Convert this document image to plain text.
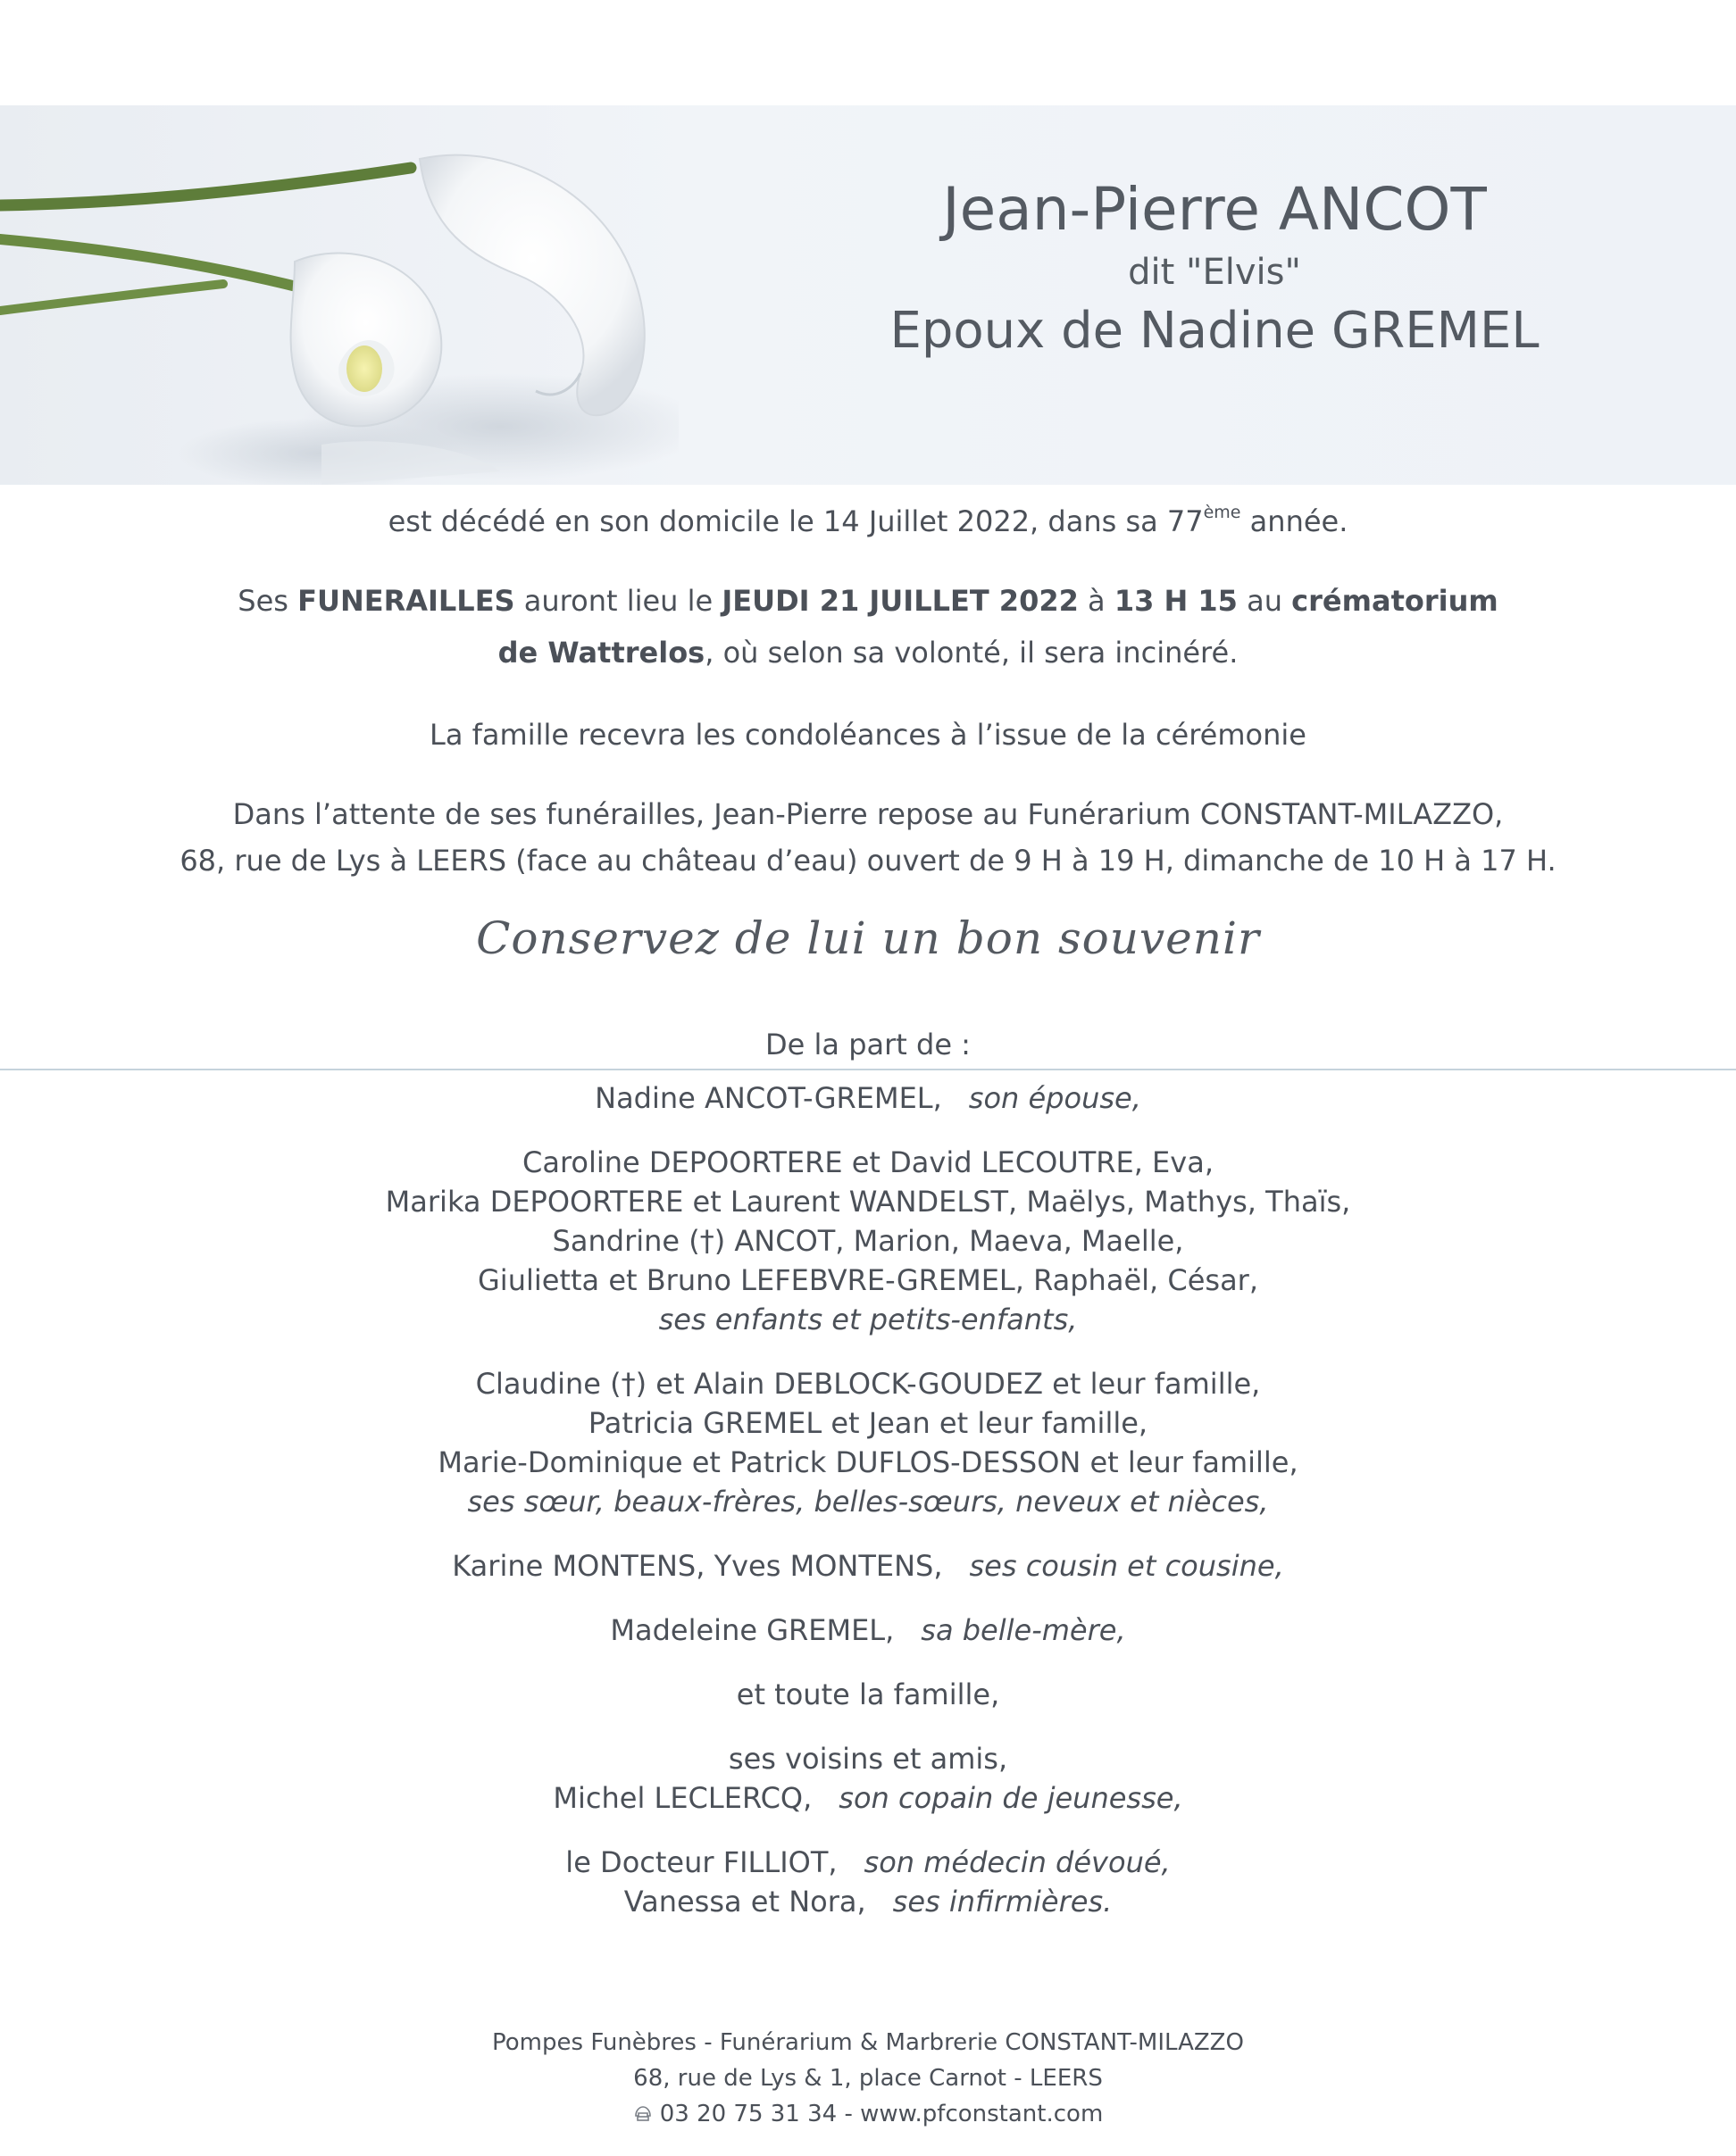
Jean-Pierre ANCOT
dit "Elvis"
Epoux de Nadine GREMEL
est décédé en son domicile le 14 Juillet 2022, dans sa 77ème année.
Ses FUNERAILLES auront lieu le JEUDI 21 JUILLET 2022 à 13 H 15 au crématorium
de Wattrelos, où selon sa volonté, il sera incinéré.
La famille recevra les condoléances à l’issue de la cérémonie
Dans l’attente de ses funérailles, Jean-Pierre repose au Funérarium CONSTANT-MILAZZO,
68, rue de Lys à LEERS (face au château d’eau) ouvert de 9 H à 19 H, dimanche de 10 H à 17 H.
Conservez de lui un bon souvenir
De la part de :
Nadine ANCOT-GREMEL, son épouse,
Caroline DEPOORTERE et David LECOUTRE, Eva,
Marika DEPOORTERE et Laurent WANDELST, Maëlys, Mathys, Thaïs,
Sandrine (†) ANCOT, Marion, Maeva, Maelle,
Giulietta et Bruno LEFEBVRE-GREMEL, Raphaël, César,
ses enfants et petits-enfants,
Claudine (†) et Alain DEBLOCK-GOUDEZ et leur famille,
Patricia GREMEL et Jean et leur famille,
Marie-Dominique et Patrick DUFLOS-DESSON et leur famille,
ses sœur, beaux-frères, belles-sœurs, neveux et nièces,
Karine MONTENS, Yves MONTENS, ses cousin et cousine,
Madeleine GREMEL, sa belle-mère,
et toute la famille,
ses voisins et amis,
Michel LECLERCQ, son copain de jeunesse,
le Docteur FILLIOT, son médecin dévoué,
Vanessa et Nora, ses infirmières.
Pompes Funèbres - Funérarium & Marbrerie CONSTANT-MILAZZO
68, rue de Lys & 1, place Carnot - LEERS
03 20 75 31 34 - www.pfconstant.com
